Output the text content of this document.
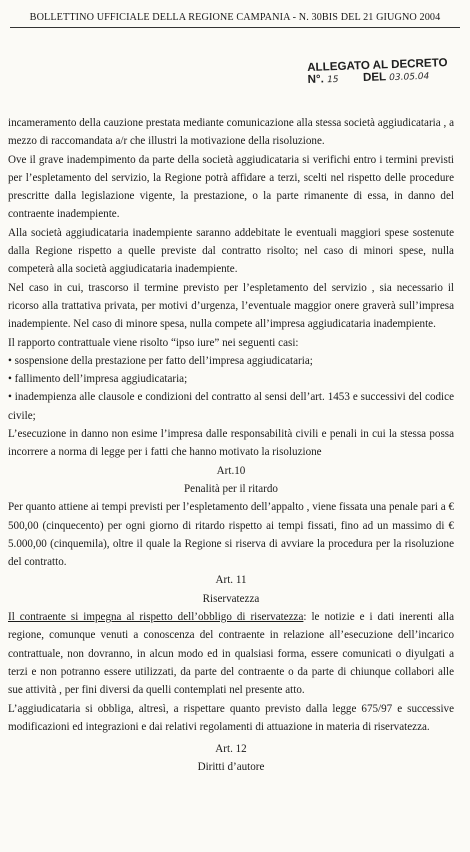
BOLLETTINO UFFICIALE DELLA REGIONE CAMPANIA - N. 30BIS DEL 21 GIUGNO 2004
ALLEGATO AL DECRETO
N°. 15 DEL 03.05.04

incameramento della cauzione prestata mediante comunicazione alla stessa società aggiudicataria , a mezzo di raccomandata a/r che illustri la motivazione della risoluzione.

Ove il grave inadempimento da parte della società aggiudicataria si verifichi entro i termini previsti per l’espletamento del servizio, la Regione potrà affidare a terzi, scelti nel rispetto delle procedure prescritte dalla legislazione vigente, la prestazione, o la parte rimanente di essa, in danno del contraente inadempiente.

Alla società aggiudicataria inadempiente saranno addebitate le eventuali maggiori spese sostenute dalla Regione rispetto a quelle previste dal contratto risolto; nel caso di minori spese, nulla competerà alla società aggiudicataria inadempiente.

Nel caso in cui, trascorso il termine previsto per l’espletamento del servizio , sia necessario il ricorso alla trattativa privata, per motivi d’urgenza, l’eventuale maggior onere graverà sull’impresa inadempiente. Nel caso di minore spesa, nulla compete all’impresa aggiudicataria inadempiente.

Il rapporto contrattuale viene risolto “ipso iure” nei seguenti casi:

• sospensione della prestazione per fatto dell’impresa aggiudicataria;

• fallimento dell’impresa aggiudicataria;

• inadempienza alle clausole e condizioni del contratto al sensi dell’art. 1453 e successivi del codice civile;

L’esecuzione in danno non esime l’impresa dalle responsabilità civili e penali in cui la stessa possa incorrere a norma di legge per i fatti che hanno motivato la risoluzione

Art.10

Penalità per il ritardo

Per quanto attiene ai tempi previsti per l’espletamento dell’appalto , viene fissata una penale pari a € 500,00 (cinquecento) per ogni giorno di ritardo rispetto ai tempi fissati, fino ad un massimo di € 5.000,00 (cinquemila), oltre il quale la Regione si riserva di avviare la procedura per la risoluzione del contratto.

Art. 11

Riservatezza

Il contraente si impegna al rispetto dell’obbligo di riservatezza: le notizie e i dati inerenti alla regione, comunque venuti a conoscenza del contraente in relazione all’esecuzione dell’incarico contrattuale, non dovranno, in alcun modo ed in qualsiasi forma, essere comunicati o diyulgati a terzi e non potranno essere utilizzati, da parte del contraente o da parte di chiunque collabori alle sue attività , per fini diversi da quelli contemplati nel presente atto.

L’aggiudicataria si obbliga, altresì, a rispettare quanto previsto dalla legge 675/97 e successive modificazioni ed integrazioni e dai relativi regolamenti di attuazione in materia di riservatezza.

Art. 12

Diritti d’autore
